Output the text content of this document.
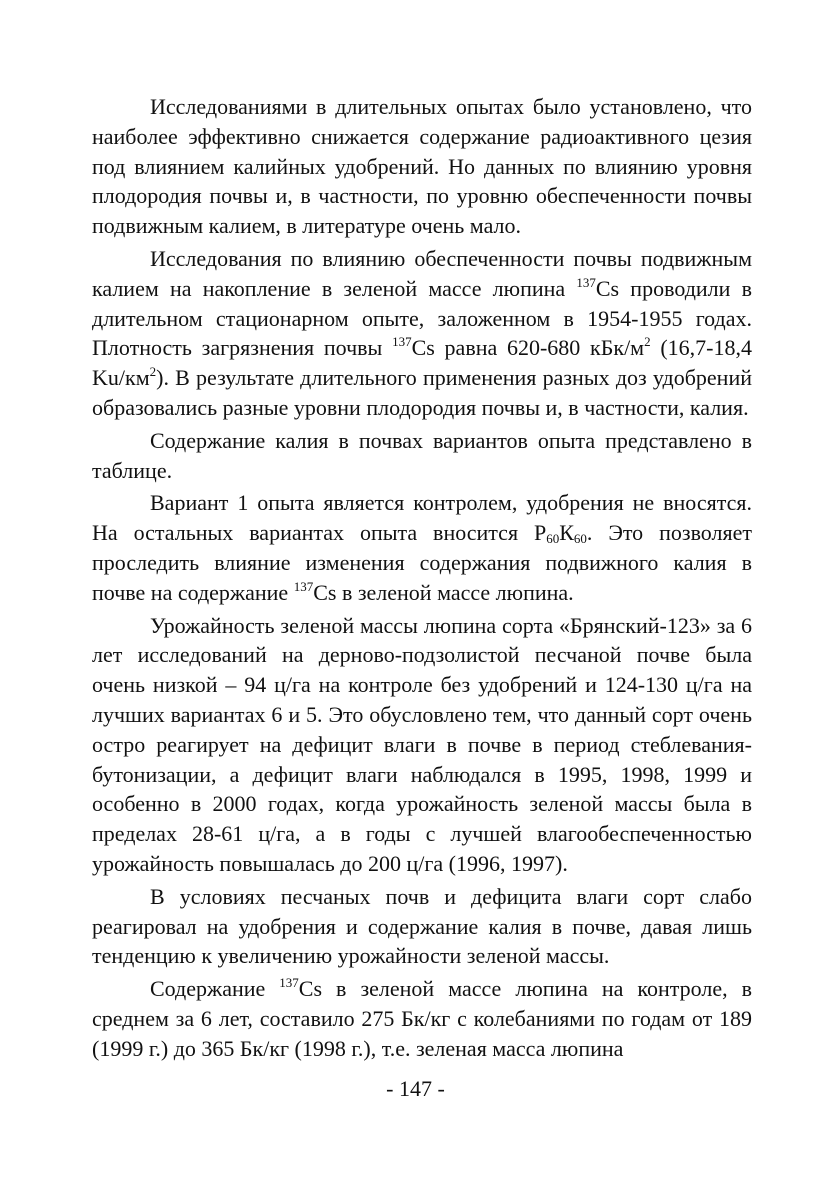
Исследованиями в длительных опытах было установлено, что наиболее эффективно снижается содержание радиоактивного цезия под влиянием калийных удобрений. Но данных по влиянию уровня плодородия почвы и, в частности, по уровню обеспеченности почвы подвижным калием, в литературе очень мало.

Исследования по влиянию обеспеченности почвы подвижным калием на накопление в зеленой массе люпина $^{137}$Cs проводили в длительном стационарном опыте, заложенном в 1954-1955 годах. Плотность загрязнения почвы $^{137}$Cs равна 620-680 кБк/$м^2$ (16,7-18,4 $Ku/км^2$). В результате длительного применения разных доз удобрений образовались разные уровни плодородия почвы и, в частности, калия.

Содержание калия в почвах вариантов опыта представлено в таблице.

Вариант 1 опыта является контролем, удобрения не вносятся. На остальных вариантах опыта вносится $Р_{60}К_{60}$. Это позволяет проследить влияние изменения содержания подвижного калия в почве на содержание $^{137}$Cs в зеленой массе люпина.

Урожайность зеленой массы люпина сорта «Брянский-123» за 6 лет исследований на дерново-подзолистой песчаной почве была очень низкой – 94 ц/га на контроле без удобрений и 124-130 ц/га на лучших вариантах 6 и 5. Это обусловлено тем, что данный сорт очень остро реагирует на дефицит влаги в почве в период стеблевания-бутонизации, а дефицит влаги наблюдался в 1995, 1998, 1999 и особенно в 2000 годах, когда урожайность зеленой массы была в пределах 28-61 ц/га, а в годы с лучшей влагообеспеченностью урожайность повышалась до 200 ц/га (1996, 1997).

В условиях песчаных почв и дефицита влаги сорт слабо реагировал на удобрения и содержание калия в почве, давая лишь тенденцию к увеличению урожайности зеленой массы.

Содержание $^{137}$Cs в зеленой массе люпина на контроле, в среднем за 6 лет, составило 275 Бк/кг с колебаниями по годам от 189 (1999 г.) до 365 Бк/кг (1998 г.), т.е. зеленая масса люпина

- 147 -
